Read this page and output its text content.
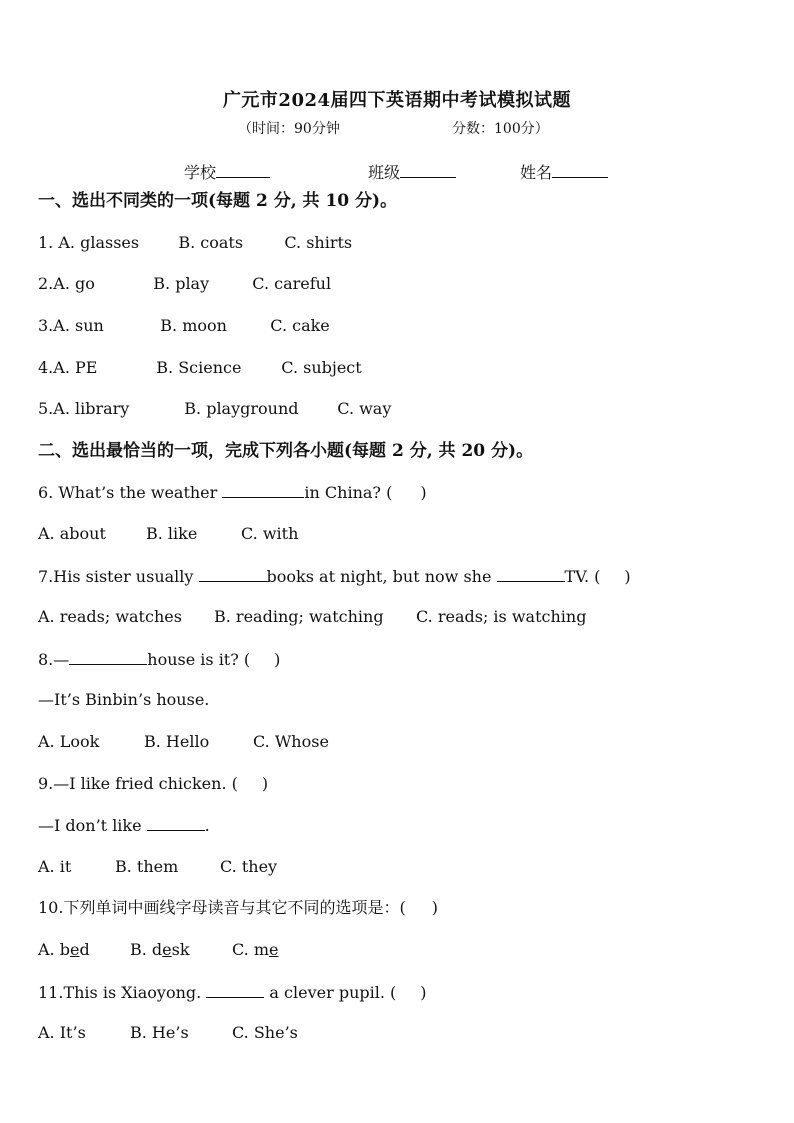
广元市2024届四下英语期中考试模拟试题
（时间：90分钟	分数：100分）
学校	班级	姓名
一、选出不同类的一项(每题 2 分, 共 10 分)。
1. A. glasses B. coats	C. shirts
2.A. go	B. play	C. careful
3.A. sun	B. moon	C. cake
4.A. PE	B. Science C. subject
5.A. library	B. playground C. way
二、选出最恰当的一项，完成下列各小题(每题 2 分, 共 20 分)。
6. What’s the weather	in China? ( )
A. about	B. like	C. with
7.His sister usually	books at night, but now she	TV. ( )
A. reads; watches B. reading; watching C. reads; is watching
8.—	house is it? ( )
—It’s Binbin’s house.
A. Look	B. Hello	C. Whose
9.—I like fried chicken. ( )
—I don’t like	.
A. it	B. them	C. they
10.下列单词中画线字母读音与其它不同的选项是：( )
A. bed	B. desk	C. me
11.This is Xiaoyong.	a clever pupil. ( )
A. It’s	B. He’s	C. She’s
